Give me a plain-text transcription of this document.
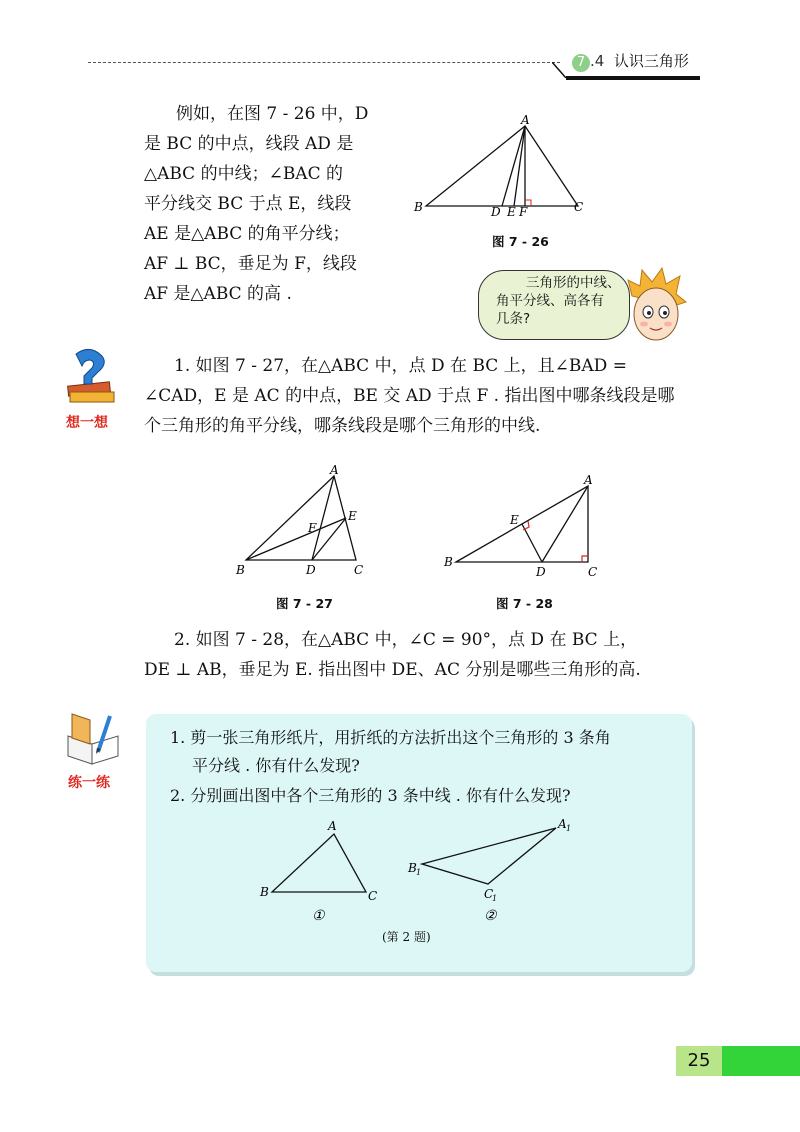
7 .4 认识三角形
例如，在图 7 - 26 中，D
是 BC 的中点，线段 AD 是
△ABC 的中线；∠BAC 的
平分线交 BC 于点 E，线段
AE 是△ABC 的角平分线；
AF ⊥ BC，垂足为 F，线段
AF 是△ABC 的高 .
A
B	C
D E F
图 7 - 26
三角形的中线、
角平分线、高各有
几条?
想一想
1. 如图 7 - 27，在△ABC 中，点 D 在 BC 上，且∠BAD =
∠CAD，E 是 AC 的中点，BE 交 AD 于点 F . 指出图中哪条线段是哪
个三角形的角平分线，哪条线段是哪个三角形的中线.
A
B	C
D
E
F
图 7 - 27
A
B
C
D
E
图 7 - 28
2. 如图 7 - 28，在△ABC 中，∠C = 90°，点 D 在 BC 上，
DE ⊥ AB，垂足为 E. 指出图中 DE、AC 分别是哪些三角形的高.
练一练
1. 剪一张三角形纸片，用折纸的方法折出这个三角形的 3 条角
平分线 . 你有什么发现?
2. 分别画出图中各个三角形的 3 条中线 . 你有什么发现?
A
B	C
①
A 1
B 1
C
1
②
(第 2 题)
25
